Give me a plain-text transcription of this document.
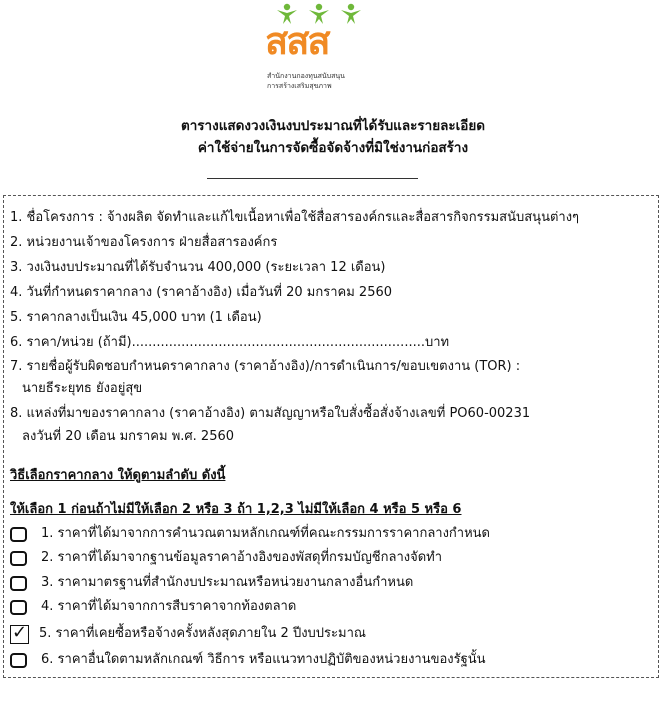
สสส
สำนักงานกองทุนสนับสนุน
การสร้างเสริมสุขภาพ
ตารางแสดงวงเงินงบประมาณที่ได้รับและรายละเอียด
ค่าใช้จ่ายในการจัดซื้อจัดจ้างที่มิใช่งานก่อสร้าง
1. ชื่อโครงการ : จ้างผลิต จัดทำและแก้ไขเนื้อหาเพื่อใช้สื่อสารองค์กรและสื่อสารกิจกรรมสนับสนุนต่างๆ
2. หน่วยงานเจ้าของโครงการ ฝ่ายสื่อสารองค์กร
3. วงเงินงบประมาณที่ได้รับจำนวน 400,000 (ระยะเวลา 12 เดือน)
4. วันที่กำหนดราคากลาง (ราคาอ้างอิง) เมื่อวันที่ 20 มกราคม 2560
5. ราคากลางเป็นเงิน 45,000 บาท (1 เดือน)
6. ราคา/หน่วย (ถ้ามี).......................................................................บาท
7. รายชื่อผู้รับผิดชอบกำหนดราคากลาง (ราคาอ้างอิง)/การดำเนินการ/ขอบเขตงาน (TOR) :
นายธีระยุทธ ยังอยู่สุข
8. แหล่งที่มาของราคากลาง (ราคาอ้างอิง) ตามสัญญาหรือใบสั่งซื้อสั่งจ้างเลขที่ PO60-00231
ลงวันที่ 20 เดือน มกราคม พ.ศ. 2560
วิธีเลือกราคากลาง ให้ดูตามลำดับ ดังนี้
ให้เลือก 1 ก่อนถ้าไม่มีให้เลือก 2 หรือ 3 ถ้า 1,2,3 ไม่มีให้เลือก 4 หรือ 5 หรือ 6
1. ราคาที่ได้มาจากการคำนวณตามหลักเกณฑ์ที่คณะกรรมการราคากลางกำหนด
2. ราคาที่ได้มาจากฐานข้อมูลราคาอ้างอิงของพัสดุที่กรมบัญชีกลางจัดทำ
3. ราคามาตรฐานที่สำนักงบประมาณหรือหน่วยงานกลางอื่นกำหนด
4. ราคาที่ได้มาจากการสืบราคาจากท้องตลาด
✓ 5. ราคาที่เคยซื้อหรือจ้างครั้งหลังสุดภายใน 2 ปีงบประมาณ
6. ราคาอื่นใดตามหลักเกณฑ์ วิธีการ หรือแนวทางปฏิบัติของหน่วยงานของรัฐนั้น
